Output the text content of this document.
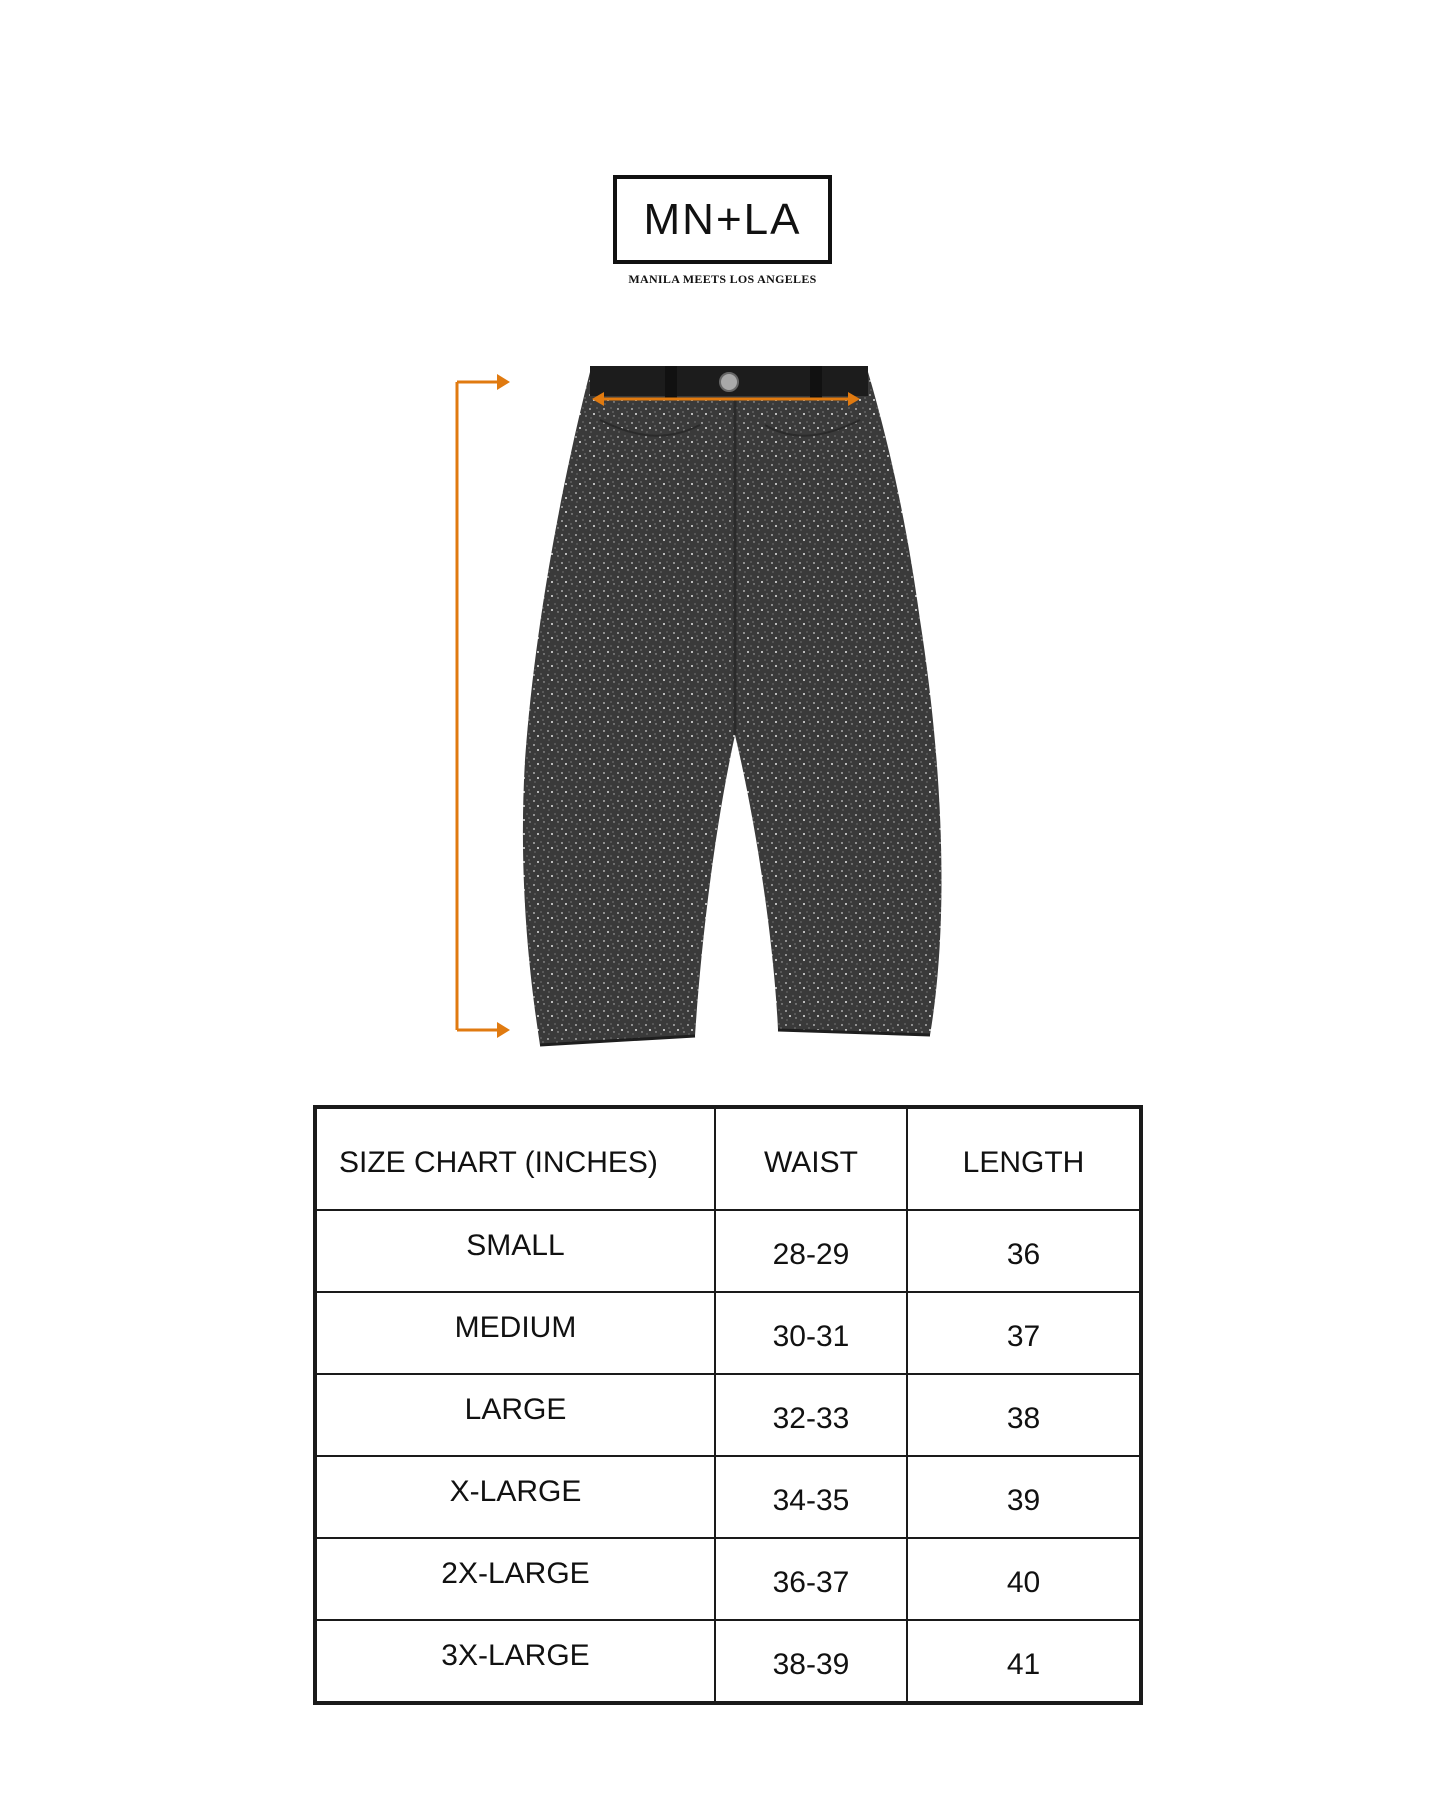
MN+LA
MANILA MEETS LOS ANGELES
SIZE CHART (INCHES)	WAIST	LENGTH
SMALL	28-29	36
MEDIUM	30-31	37
LARGE	32-33	38
X-LARGE	34-35	39
2X-LARGE	36-37	40
3X-LARGE	38-39	41
